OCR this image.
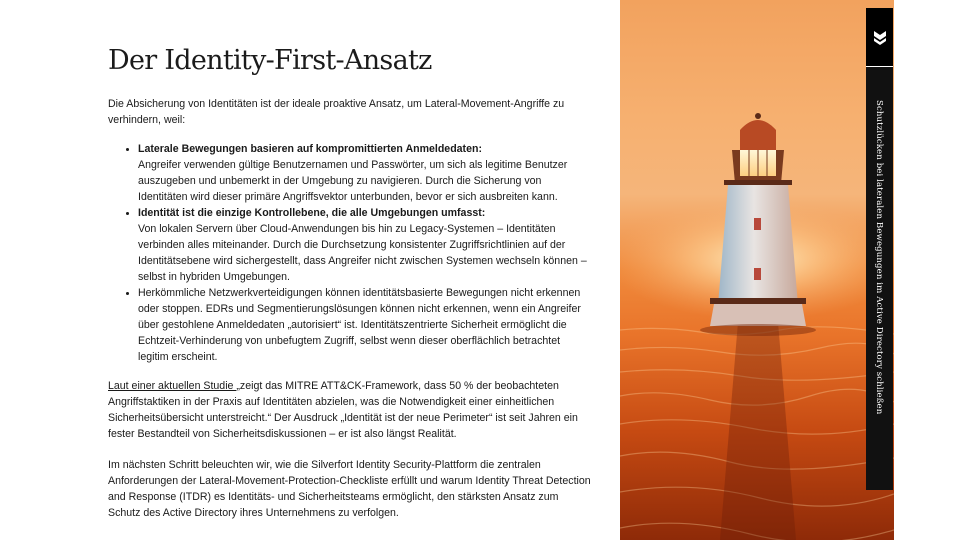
Der Identity-First-Ansatz

Die Absicherung von Identitäten ist der ideale proaktive Ansatz, um Lateral-Movement-Angriffe zu verhindern, weil:

• Laterale Bewegungen basieren auf kompromittierten Anmeldedaten:
Angreifer verwenden gültige Benutzernamen und Passwörter, um sich als legitime Benutzer auszugeben und unbemerkt in der Umgebung zu navigieren. Durch die Sicherung von Identitäten wird dieser primäre Angriffsvektor unterbunden, bevor er sich ausbreiten kann.
• Identität ist die einzige Kontrollebene, die alle Umgebungen umfasst:
Von lokalen Servern über Cloud-Anwendungen bis hin zu Legacy-Systemen – Identitäten verbinden alles miteinander. Durch die Durchsetzung konsistenter Zugriffsrichtlinien auf der Identitätsebene wird sichergestellt, dass Angreifer nicht zwischen Systemen wechseln können – selbst in hybriden Umgebungen.
• Herkömmliche Netzwerkverteidigungen können identitätsbasierte Bewegungen nicht erkennen oder stoppen. EDRs und Segmentierungslösungen können nicht erkennen, wenn ein Angreifer über gestohlene Anmeldedaten „autorisiert“ ist. Identitätszentrierte Sicherheit ermöglicht die Echtzeit-Verhinderung von unbefugtem Zugriff, selbst wenn dieser oberflächlich betrachtet legitim erscheint.

Laut einer aktuellen Studie „zeigt das MITRE ATT&CK-Framework, dass 50 % der beobachteten Angriffstaktiken in der Praxis auf Identitäten abzielen, was die Notwendigkeit einer einheitlichen Sicherheitsübersicht unterstreicht.“ Der Ausdruck „Identität ist der neue Perimeter“ ist seit Jahren ein fester Bestandteil von Sicherheitsdiskussionen – er ist also längst Realität.

Im nächsten Schritt beleuchten wir, wie die Silverfort Identity Security-Plattform die zentralen Anforderungen der Lateral-Movement-Protection-Checkliste erfüllt und warum Identity Threat Detection and Response (ITDR) es Identitäts- und Sicherheitsteams ermöglicht, den stärksten Ansatz zum Schutz des Active Directory ihres Unternehmens zu verfolgen.

Schutzlücken bei lateralen Bewegungen im Active Directory schließen
